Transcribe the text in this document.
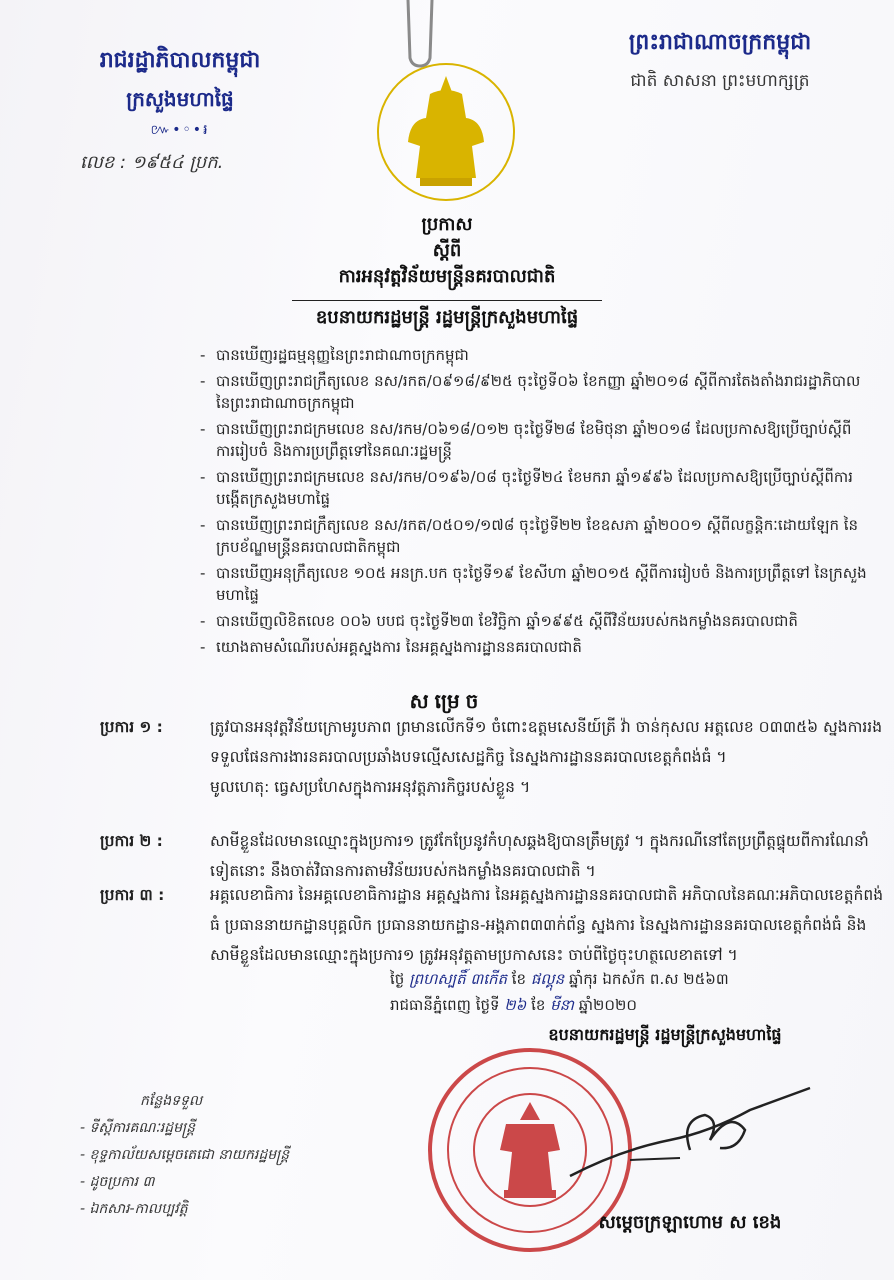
រាជរដ្ឋាភិបាលកម្ពុជា
ក្រសួងមហាផ្ទៃ
៚•◦•៛
លេខ : ១៩៥៤ ប្រក.
ព្រះរាជាណាចក្រកម្ពុជា
ជាតិ សាសនា ព្រះមហាក្សត្រ
ប្រកាស
ស្ដីពី
ការអនុវត្តវិន័យមន្ត្រីនគរបាលជាតិ
ឧបនាយករដ្ឋមន្ត្រី រដ្ឋមន្ត្រីក្រសួងមហាផ្ទៃ
- បានឃើញរដ្ឋធម្មនុញ្ញនៃព្រះរាជាណាចក្រកម្ពុជា
- បានឃើញព្រះរាជក្រឹត្យលេខ នស/រកត/០៩១៨/៩២៥ ចុះថ្ងៃទី០៦ ខែកញ្ញា ឆ្នាំ២០១៨ ស្ដីពីការតែងតាំងរាជរដ្ឋាភិបាល នៃព្រះរាជាណាចក្រកម្ពុជា
- បានឃើញព្រះរាជក្រមលេខ នស/រកម/០៦១៨/០១២ ចុះថ្ងៃទី២៨ ខែមិថុនា ឆ្នាំ២០១៨ ដែលប្រកាសឱ្យប្រើច្បាប់ស្ដីពីការរៀបចំ និងការប្រព្រឹត្តទៅនៃគណៈរដ្ឋមន្ត្រី
- បានឃើញព្រះរាជក្រមលេខ នស/រកម/០១៩៦/០៨ ចុះថ្ងៃទី២៤ ខែមករា ឆ្នាំ១៩៩៦ ដែលប្រកាសឱ្យប្រើច្បាប់ស្ដីពីការបង្កើតក្រសួងមហាផ្ទៃ
- បានឃើញព្រះរាជក្រឹត្យលេខ នស/រកត/០៥០១/១៧៨ ចុះថ្ងៃទី២២ ខែឧសភា ឆ្នាំ២០០១ ស្ដីពីលក្ខន្តិកៈដោយឡែក នៃក្របខ័ណ្ឌមន្ត្រីនគរបាលជាតិកម្ពុជា
- បានឃើញអនុក្រឹត្យលេខ ១០៥ អនក្រ.បក ចុះថ្ងៃទី១៩ ខែសីហា ឆ្នាំ២០១៥ ស្ដីពីការរៀបចំ និងការប្រព្រឹត្តទៅ នៃក្រសួងមហាផ្ទៃ
- បានឃើញលិខិតលេខ ០០៦ បបជ ចុះថ្ងៃទី២៣ ខែវិច្ឆិកា ឆ្នាំ១៩៩៥ ស្ដីពីវិន័យរបស់កងកម្លាំងនគរបាលជាតិ
- យោងតាមសំណើរបស់អគ្គស្នងការ នៃអគ្គស្នងការដ្ឋាននគរបាលជាតិ
សម្រេច
ប្រការ ១ :	ត្រូវបានអនុវត្តវិន័យក្រោមរូបភាព ព្រមានលើកទី១ ចំពោះឧត្តមសេនីយ៍ត្រី វ៉ា ចាន់កុសល អត្តលេខ ០៣៣៥៦ ស្នងការរងទទួលផែនការងារនគរបាលប្រឆាំងបទល្មើសសេដ្ឋកិច្ច នៃស្នងការដ្ឋាននគរបាលខេត្តកំពង់ធំ ។
មូលហេតុ: ធ្វេសប្រហែសក្នុងការអនុវត្តភារកិច្ចរបស់ខ្លួន ។
ប្រការ ២ :	សាមីខ្លួនដែលមានឈ្មោះក្នុងប្រការ១ ត្រូវកែប្រែនូវកំហុសឆ្គងឱ្យបានត្រឹមត្រូវ ។ ក្នុងករណីនៅតែប្រព្រឹត្តផ្ទុយពីការណែនាំទៀតនោះ នឹងចាត់វិធានការតាមវិន័យរបស់កងកម្លាំងនគរបាលជាតិ ។
ប្រការ ៣ :	អគ្គលេខាធិការ នៃអគ្គលេខាធិការដ្ឋាន អគ្គស្នងការ នៃអគ្គស្នងការដ្ឋាននគរបាលជាតិ អភិបាលនៃគណៈអភិបាលខេត្តកំពង់ធំ ប្រធាននាយកដ្ឋានបុគ្គលិក ប្រធាននាយកដ្ឋាន-អង្គភាព៣៣ក់ព័ន្ធ ស្នងការ នៃស្នងការដ្ឋាននគរបាលខេត្តកំពង់ធំ និងសាមីខ្លួនដែលមានឈ្មោះក្នុងប្រការ១ ត្រូវអនុវត្តតាមប្រកាសនេះ ចាប់ពីថ្ងៃចុះហត្ថលេខាតទៅ ។
ថ្ងៃ ព្រហស្បតិ៍ ៣កើត ខែ ផល្គុន ឆ្នាំកុរ ឯកស័ក ព.ស ២៥៦៣
រាជធានីភ្នំពេញ ថ្ងៃទី ២៦ ខែ មីនា ឆ្នាំ២០២០
ឧបនាយករដ្ឋមន្ត្រី រដ្ឋមន្ត្រីក្រសួងមហាផ្ទៃ
សម្ដេចក្រឡាហោម ស ខេង
កន្លែងទទួល
- ទីស្ដីការគណៈរដ្ឋមន្ត្រី
- ខុទ្ទកាល័យសម្ដេចតេជោ នាយករដ្ឋមន្ត្រី
- ដូចប្រការ ៣
- ឯកសារ-កាលប្បវត្តិ
